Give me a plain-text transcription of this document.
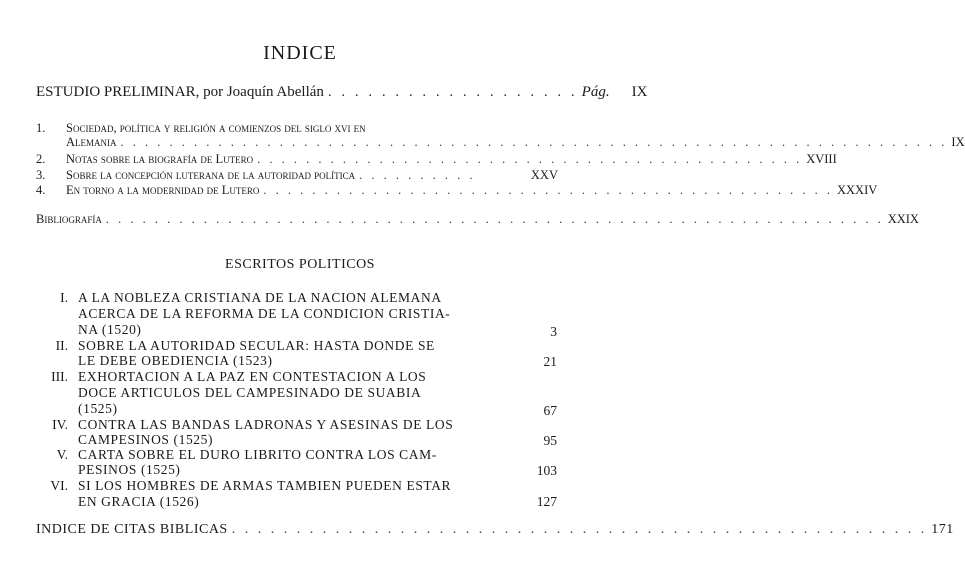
INDICE
ESTUDIO PRELIMINAR, por Joaquín Abellán . . . . . . . . . . . . . . . . . . . Pág. IX
1. Sociedad, política y religión a comienzos del siglo xvi en
Alemania . . . . . . . . . . . . . . . . . . . . . . . . . . . . . . . . . . . . . . . . . . . . . . . . . . . . . . . . . . . . . . . . . . . . IX
2. Notas sobre la biografía de Lutero . . . . . . . . . . . . . . . . . . . . . . . . . . . . . . . . . . . . . . . . . . . . . XVIII
3. Sobre la concepción luterana de la autoridad política . . . . . . . . . .	XXV
4. En torno a la modernidad de Lutero . . . . . . . . . . . . . . . . . . . . . . . . . . . . . . . . . . . . . . . . . . . . . . . XXXIV
Bibliografía . . . . . . . . . . . . . . . . . . . . . . . . . . . . . . . . . . . . . . . . . . . . . . . . . . . . . . . . . . . . . . . . XXIX
ESCRITOS POLITICOS
I. A LA NOBLEZA CRISTIANA DE LA NACION ALEMANA
ACERCA DE LA REFORMA DE LA CONDICION CRISTIA-
NA (1520)	3
II. SOBRE LA AUTORIDAD SECULAR: HASTA DONDE SE
LE DEBE OBEDIENCIA (1523)	21
III. EXHORTACION A LA PAZ EN CONTESTACION A LOS
DOCE ARTICULOS DEL CAMPESINADO DE SUABIA
(1525)	67
IV. CONTRA LAS BANDAS LADRONAS Y ASESINAS DE LOS
CAMPESINOS (1525)	95
V. CARTA SOBRE EL DURO LIBRITO CONTRA LOS CAM-
PESINOS (1525)	103
VI. SI LOS HOMBRES DE ARMAS TAMBIEN PUEDEN ESTAR
EN GRACIA (1526)	127
INDICE DE CITAS BIBLICAS . . . . . . . . . . . . . . . . . . . . . . . . . . . . . . . . . . . . . . . . . . . . . . . . . . . . . . 171
